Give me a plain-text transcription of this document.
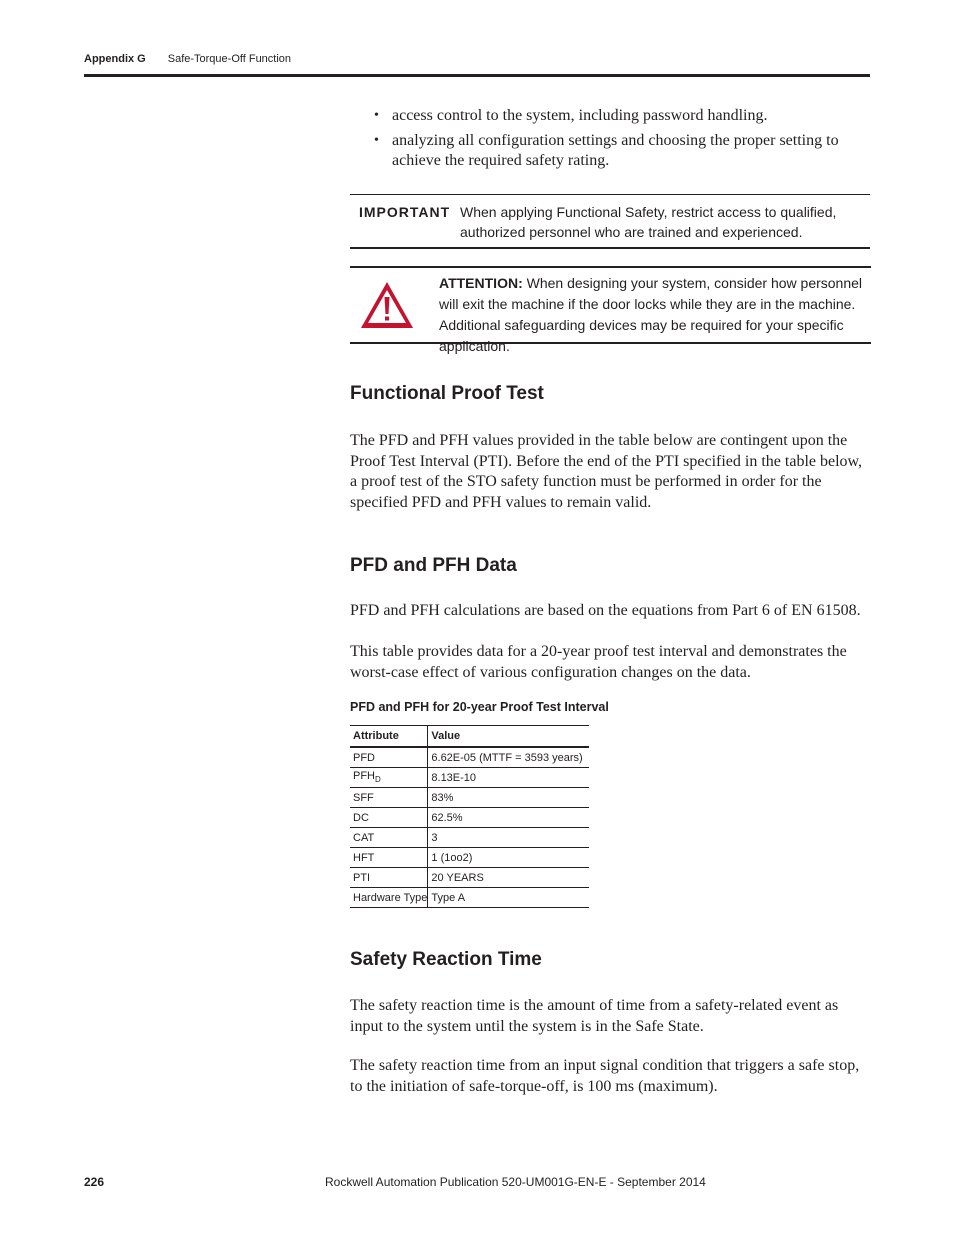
Appendix G Safe-Torque-Off Function
• access control to the system, including password handling.
• analyzing all configuration settings and choosing the proper setting to achieve the required safety rating.
IMPORTANT When applying Functional Safety, restrict access to qualified, authorized personnel who are trained and experienced.
ATTENTION: When designing your system, consider how personnel will exit the machine if the door locks while they are in the machine. Additional safeguarding devices may be required for your specific application.
Functional Proof Test

The PFD and PFH values provided in the table below are contingent upon the Proof Test Interval (PTI). Before the end of the PTI specified in the table below, a proof test of the STO safety function must be performed in order for the specified PFD and PFH values to remain valid.

PFD and PFH Data

PFD and PFH calculations are based on the equations from Part 6 of EN 61508.

This table provides data for a 20-year proof test interval and demonstrates the worst-case effect of various configuration changes on the data.

PFD and PFH for 20-year Proof Test Interval
Attribute	Value
PFD	6.62E-05 (MTTF = 3593 years)
$PFH_D$	8.13E-10
SFF	83%
DC	62.5%
CAT	3
HFT	1 (1oo2)
PTI	20 YEARS
Hardware Type	Type A
Safety Reaction Time

The safety reaction time is the amount of time from a safety-related event as input to the system until the system is in the Safe State.

The safety reaction time from an input signal condition that triggers a safe stop, to the initiation of safe-torque-off, is 100 ms (maximum).

226	Rockwell Automation Publication 520-UM001G-EN-E - September 2014
